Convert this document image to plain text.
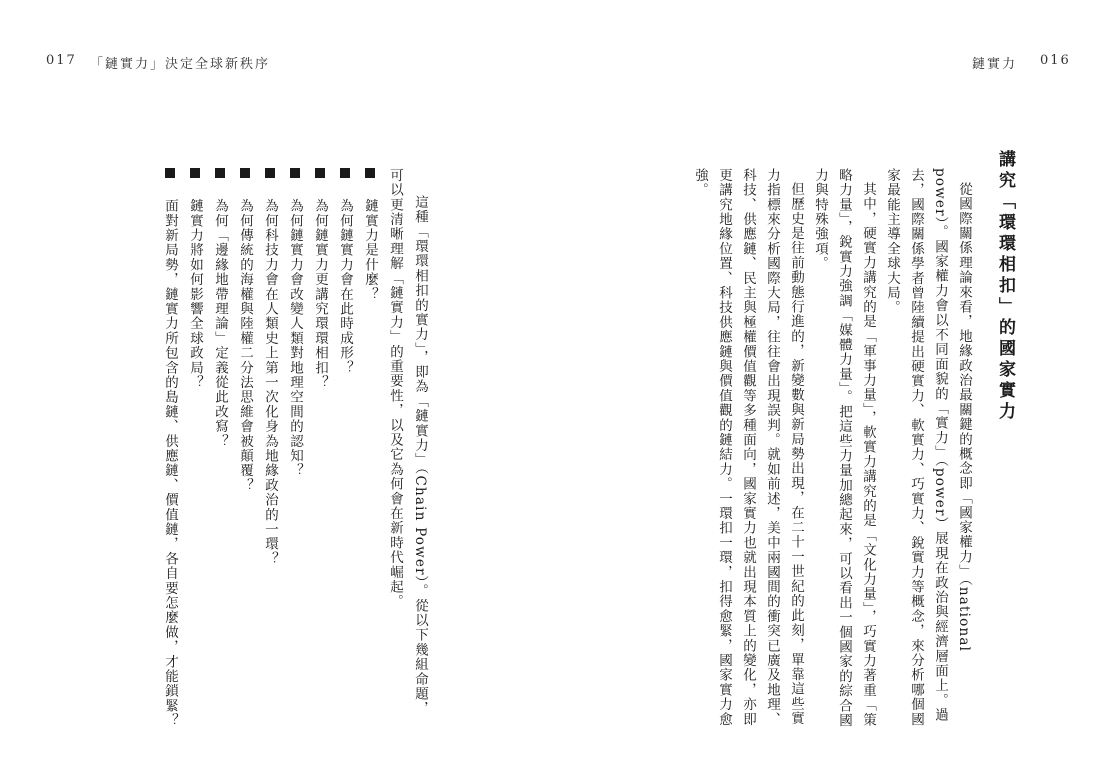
017 「鏈實力」決定全球新秩序	鏈實力 016
講究「環環相扣」的國家實力

從國際關係理論來看，地緣政治最關鍵的概念即「國家權力」（national power）。國家權力會以不同面貌的「實力」（power）展現在政治與經濟層面上。過去，國際關係學者曾陸續提出硬實力、軟實力、巧實力、銳實力等概念，來分析哪個國家最能主導全球大局。

其中，硬實力講究的是「軍事力量」，軟實力講究的是「文化力量」，巧實力著重「策略力量」，銳實力強調「媒體力量」。把這些力量加總起來，可以看出一個國家的綜合國力與特殊強項。

但歷史是往前動態行進的，新變數與新局勢出現，在二十一世紀的此刻，單靠這些實力指標來分析國際大局，往往會出現誤判。就如前述，美中兩國間的衝突已廣及地理、科技、供應鏈、民主與極權價值觀等多種面向，國家實力也就出現本質上的變化，亦即更講究地緣位置、科技供應鏈與價值觀的鏈結力。一環扣一環，扣得愈緊，國家實力愈強。

這種「環環相扣的實力」，即為「鏈實力」（Chain Power）。從以下幾組命題，可以更清晰理解「鏈實力」的重要性，以及它為何會在新時代崛起。

　鏈實力是什麼？
　為何鏈實力會在此時成形？
　為何鏈實力更講究環環相扣？
　為何鏈實力會改變人類對地理空間的認知？
　為何科技力會在人類史上第一次化身為地緣政治的一環？
　為何傳統的海權與陸權二分法思維會被顛覆？
　為何「邊緣地帶理論」定義從此改寫？
　鏈實力將如何影響全球政局？
　面對新局勢，鏈實力所包含的島鏈、供應鏈、價值鏈，各自要怎麼做，才能鎖緊？
